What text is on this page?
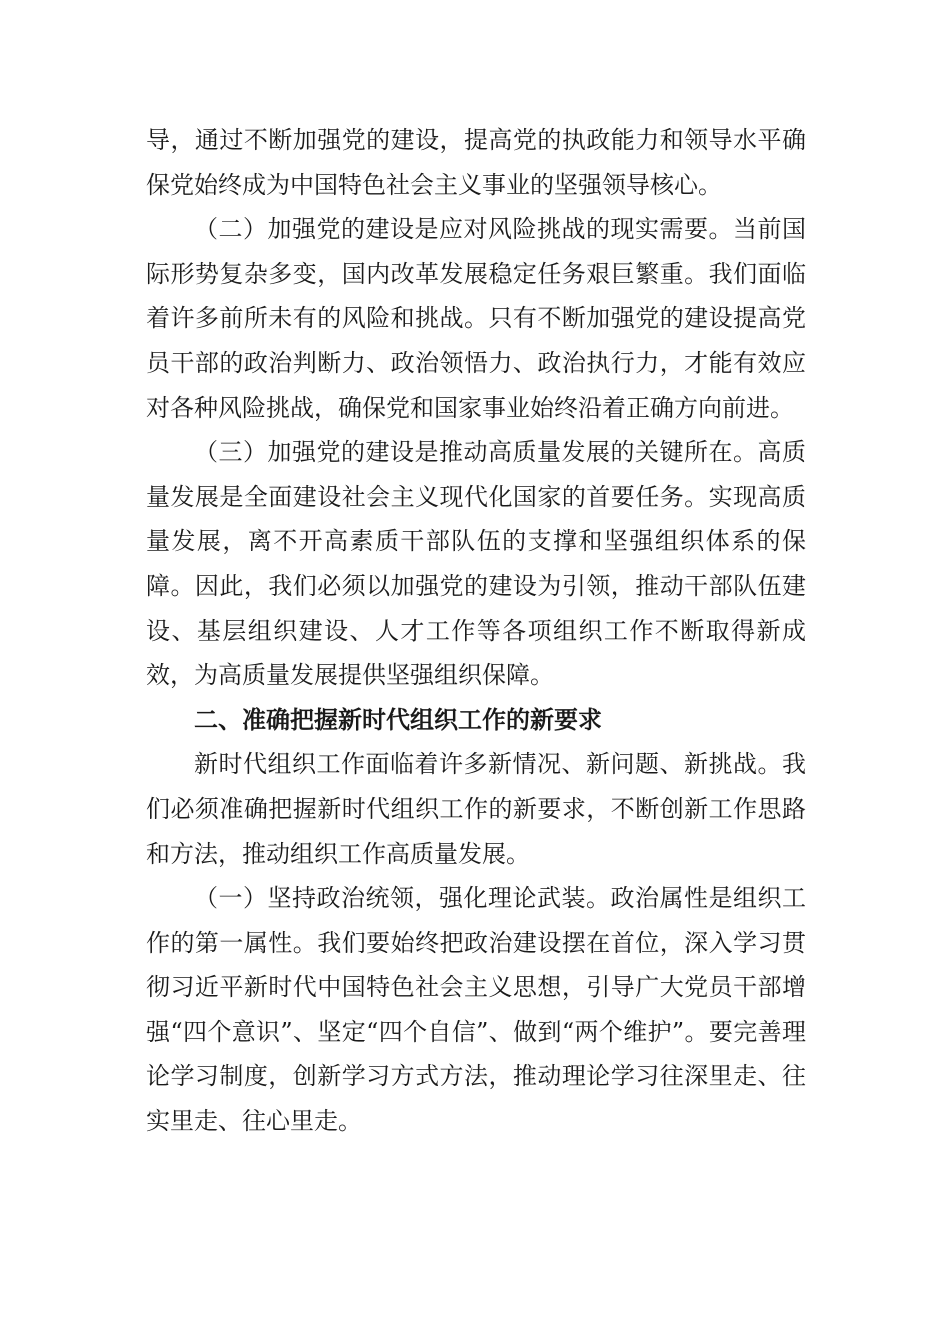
导，通过不断加强党的建设，提高党的执政能力和领导水平确保党始终成为中国特色社会主义事业的坚强领导核心。

（二）加强党的建设是应对风险挑战的现实需要。当前国际形势复杂多变，国内改革发展稳定任务艰巨繁重。我们面临着许多前所未有的风险和挑战。只有不断加强党的建设提高党员干部的政治判断力、政治领悟力、政治执行力，才能有效应对各种风险挑战，确保党和国家事业始终沿着正确方向前进。

（三）加强党的建设是推动高质量发展的关键所在。高质量发展是全面建设社会主义现代化国家的首要任务。实现高质量发展，离不开高素质干部队伍的支撑和坚强组织体系的保障。因此，我们必须以加强党的建设为引领，推动干部队伍建设、基层组织建设、人才工作等各项组织工作不断取得新成效，为高质量发展提供坚强组织保障。

二、准确把握新时代组织工作的新要求

新时代组织工作面临着许多新情况、新问题、新挑战。我们必须准确把握新时代组织工作的新要求，不断创新工作思路和方法，推动组织工作高质量发展。

（一）坚持政治统领，强化理论武装。政治属性是组织工作的第一属性。我们要始终把政治建设摆在首位，深入学习贯彻习近平新时代中国特色社会主义思想，引导广大党员干部增强“四个意识”、坚定“四个自信”、做到“两个维护”。要完善理论学习制度，创新学习方式方法，推动理论学习往深里走、往实里走、往心里走。
